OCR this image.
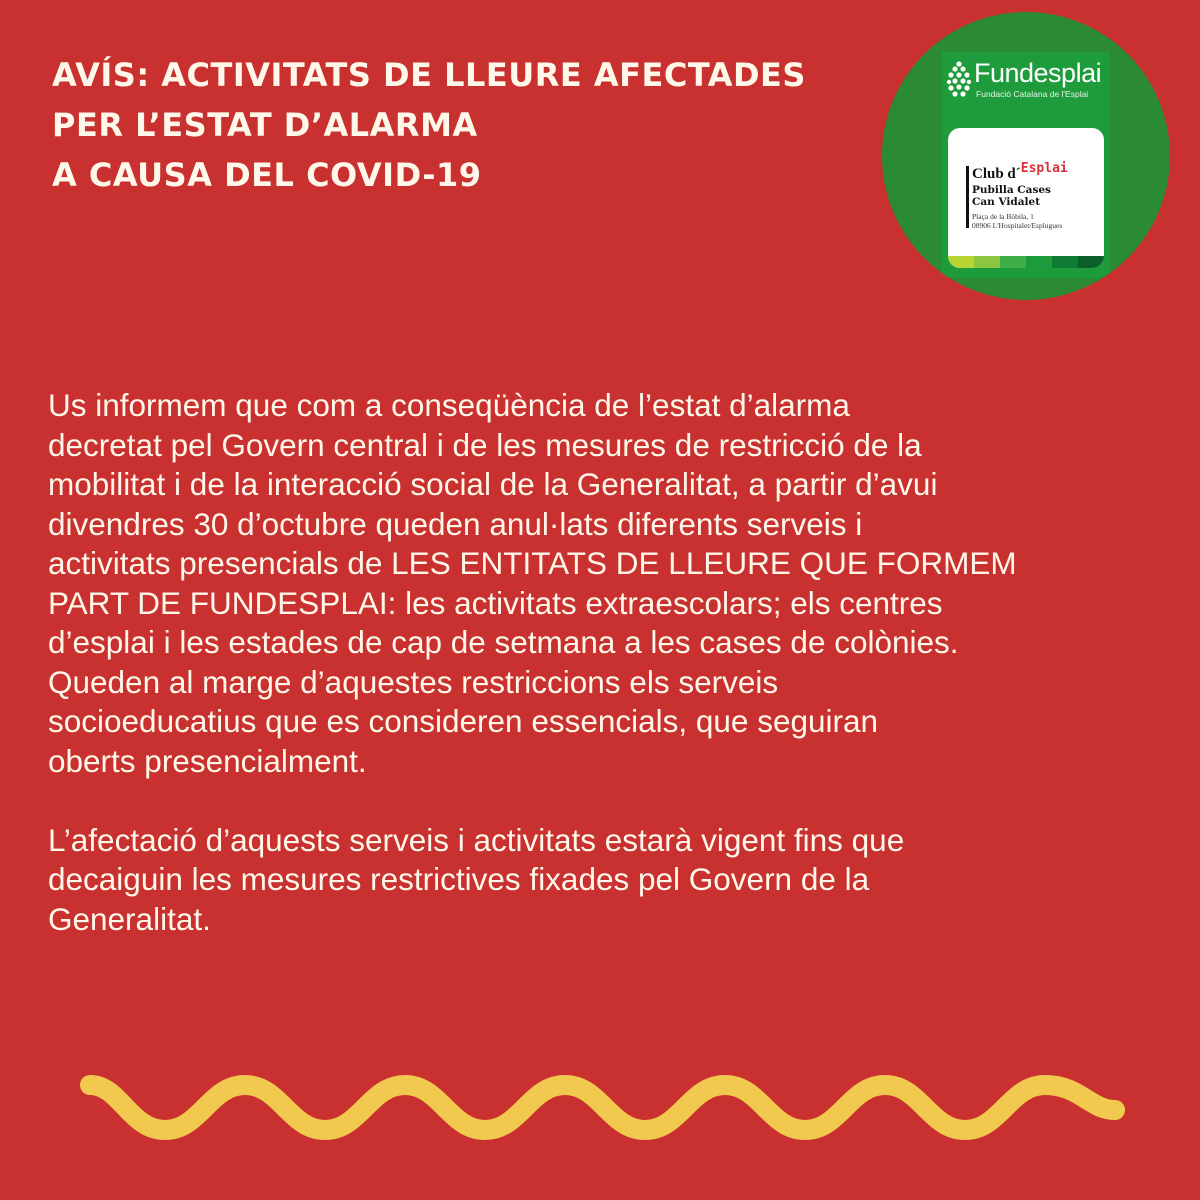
AVÍS: ACTIVITATS DE LLEURE AFECTADES
PER L’ESTAT D’ALARMA
A CAUSA DEL COVID-19
Fundesplai
Fundació Catalana de l'Esplai
Club d´Esplai
Pubilla Cases
Can Vidalet
Plaça de la Bòbila, 1
08906 L'Hospitalet/Esplugues
Us informem que com a conseqüència de l’estat d’alarma
decretat pel Govern central i de les mesures de restricció de la
mobilitat i de la interacció social de la Generalitat, a partir d’avui
divendres 30 d’octubre queden anul·lats diferents serveis i
activitats presencials de LES ENTITATS DE LLEURE QUE FORMEM
PART DE FUNDESPLAI: les activitats extraescolars; els centres
d’esplai i les estades de cap de setmana a les cases de colònies.
Queden al marge d’aquestes restriccions els serveis
socioeducatius que es consideren essencials, que seguiran
oberts presencialment.
L’afectació d’aquests serveis i activitats estarà vigent fins que
decaiguin les mesures restrictives fixades pel Govern de la
Generalitat.
